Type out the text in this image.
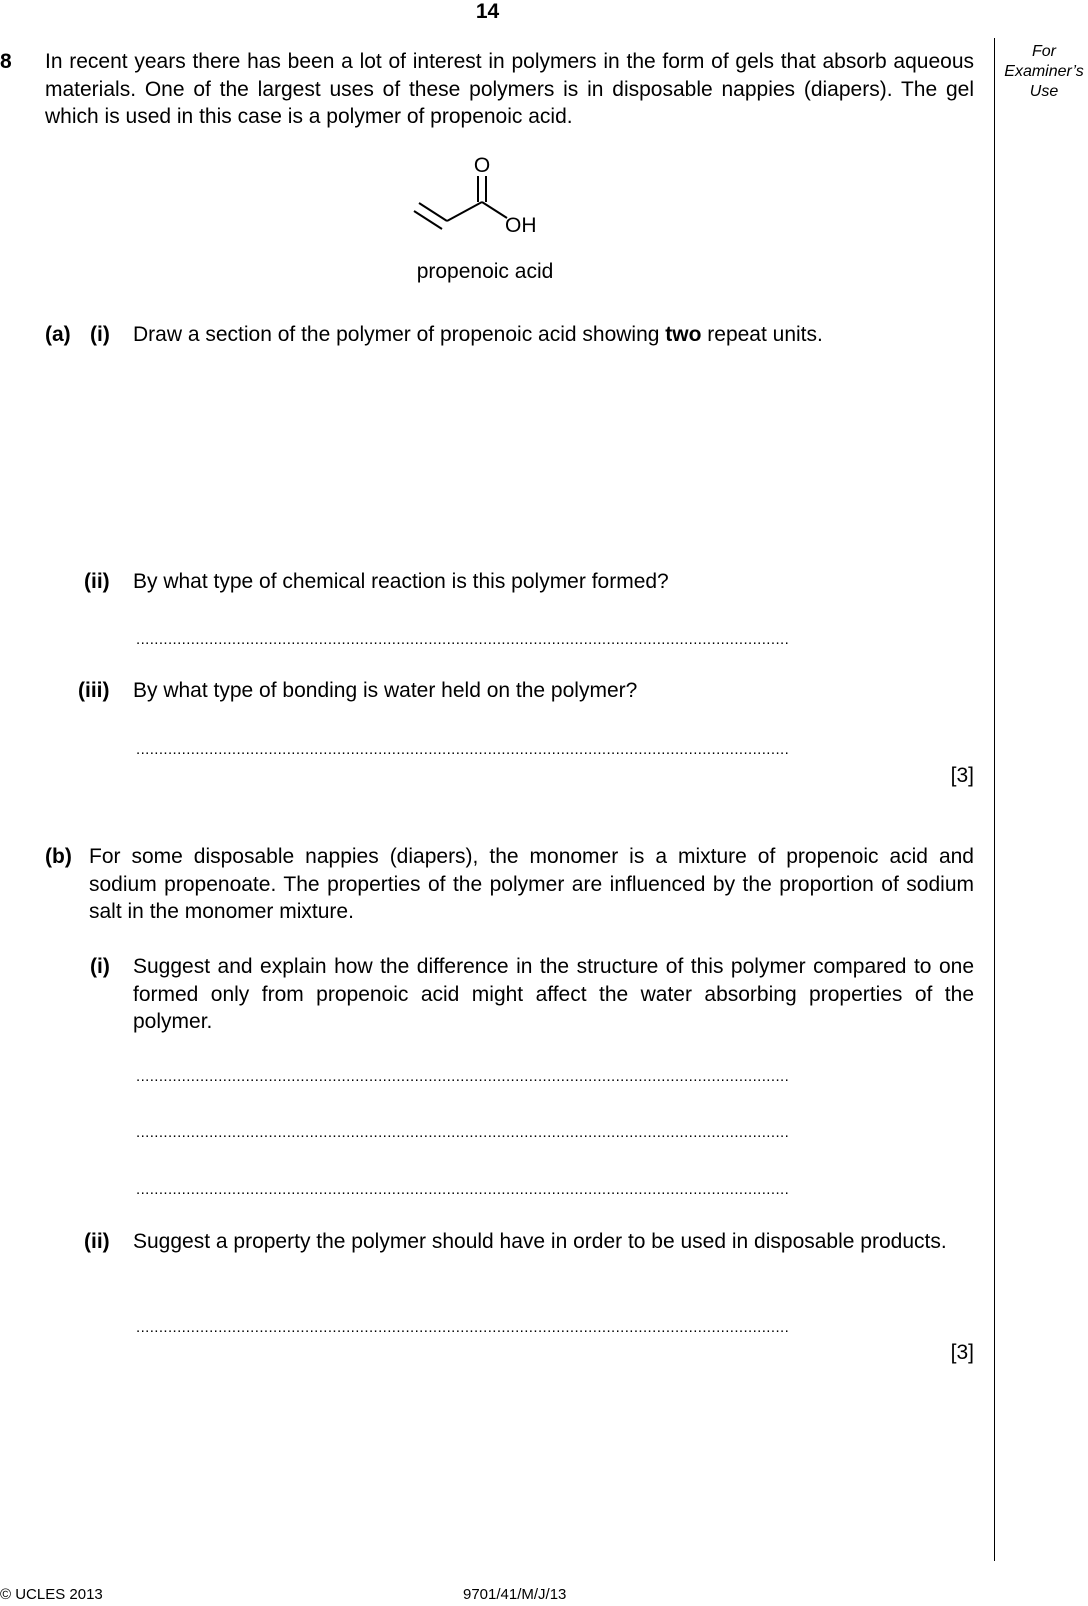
14
For Examiner’s Use
8 In recent years there has been a lot of interest in polymers in the form of gels that absorb aqueous materials. One of the largest uses of these polymers is in disposable nappies (diapers). The gel which is used in this case is a polymer of propenoic acid.
O
OH
propenoic acid
(a) (i) Draw a section of the polymer of propenoic acid showing two repeat units.
(ii) By what type of chemical reaction is this polymer formed?
...............................................................................................................................................
(iii) By what type of bonding is water held on the polymer?
...............................................................................................................................................
[3]
(b) For some disposable nappies (diapers), the monomer is a mixture of propenoic acid and sodium propenoate. The properties of the polymer are influenced by the proportion of sodium salt in the monomer mixture.
(i) Suggest and explain how the difference in the structure of this polymer compared to one formed only from propenoic acid might affect the water absorbing properties of the polymer.
...............................................................................................................................................
...............................................................................................................................................
...............................................................................................................................................
(ii) Suggest a property the polymer should have in order to be used in disposable products.
...............................................................................................................................................
[3]
© UCLES 2013	9701/41/M/J/13
